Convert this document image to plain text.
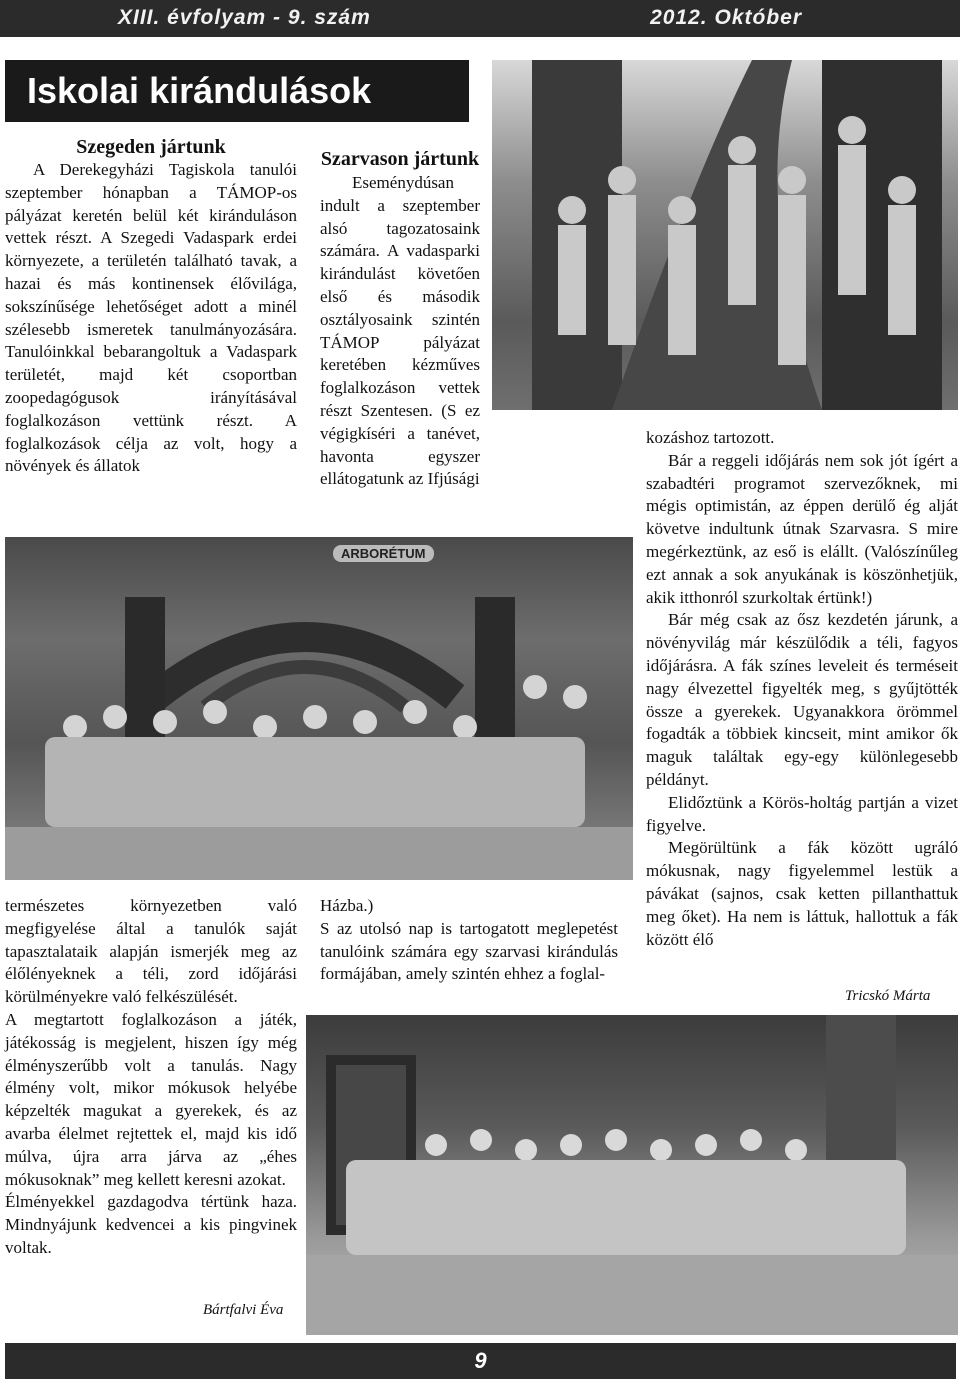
XIII. évfolyam - 9. szám	2012. Október
Iskolai kirándulások

Szegeden jártunk

A Derekegyházi Tagiskola tanulói szeptember hónapban a TÁMOP-os pályázat keretén belül két kiránduláson vettek részt. A Szegedi Vadaspark erdei környezete, a területén található tavak, a hazai és más kontinensek élővilága, sokszínűsége lehetőséget adott a minél szélesebb ismeretek tanulmányozására. Tanulóinkkal bebarangoltuk a Vadaspark területét, majd két csoportban zoopedagógusok irányításával foglalkozáson vettünk részt. A foglalkozások célja az volt, hogy a növények és állatok

Szarvason jártunk

Eseménydúsan indult a szeptember alsó tagozatosaink számára. A vadasparki kirándulást követően első és második osztályosaink szintén TÁMOP pályázat keretében kézműves foglalkozáson vettek részt Szentesen. (S ez végigkíséri a tanévet, havonta egyszer ellátogatunk az Ifjúsági

ARBORÉTUM

kozáshoz tartozott.

Bár a reggeli időjárás nem sok jót ígért a szabadtéri programot szervezőknek, mi mégis optimistán, az éppen derülő ég alját követve indultunk útnak Szarvasra. S mire megérkeztünk, az eső is elállt. (Valószínűleg ezt annak a sok anyukának is köszönhetjük, akik itthonról szurkoltak értünk!)

Bár még csak az ősz kezdetén járunk, a növényvilág már készülődik a téli, fagyos időjárásra. A fák színes leveleit és terméseit nagy élvezettel figyelték meg, s gyűjtötték össze a gyerekek. Ugyanakkora örömmel fogadták a többiek kincseit, mint amikor ők maguk találtak egy-egy különlegesebb példányt.

Elidőztünk a Körös-holtág partján a vizet figyelve.

Megörültünk a fák között ugráló mókusnak, nagy figyelemmel lestük a pávákat (sajnos, csak ketten pillanthattuk meg őket). Ha nem is láttuk, hallottuk a fák között élő

Tricskó Márta

természetes környezetben való megfigyelése által a tanulók saját tapasztalataik alapján ismerjék meg az élőlényeknek a téli, zord időjárási körülményekre való felkészülését.

A megtartott foglalkozáson a játék, játékosság is megjelent, hiszen így még élményszerűbb volt a tanulás. Nagy élmény volt, mikor mókusok helyébe képzelték magukat a gyerekek, és az avarba élelmet rejtettek el, majd kis idő múlva, újra arra járva az „éhes mókusoknak” meg kellett keresni azokat.

Élményekkel gazdagodva tértünk haza. Mindnyájunk kedvencei a kis pingvinek voltak.

Bártfalvi Éva

Házba.)

S az utolsó nap is tartogatott meglepetést tanulóink számára egy szarvasi kirándulás formájában, amely szintén ehhez a foglal-

9
